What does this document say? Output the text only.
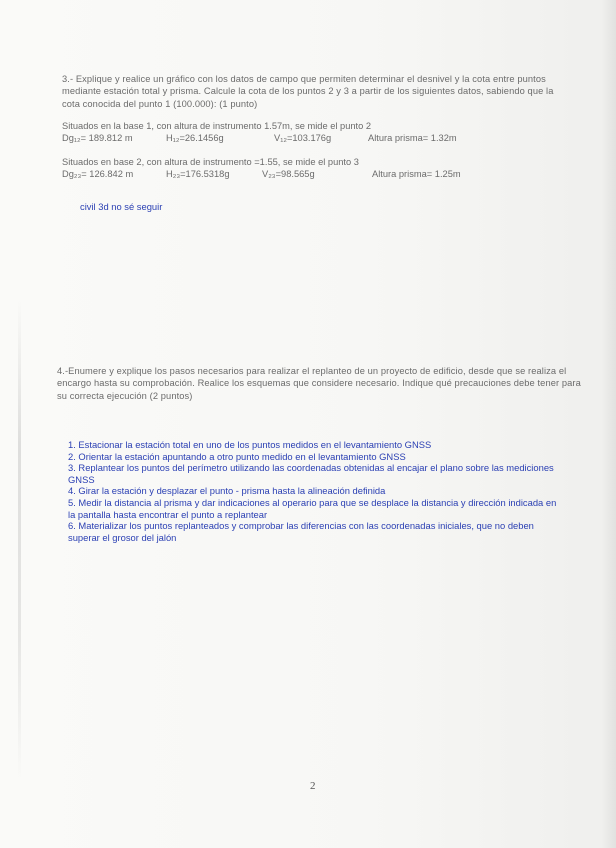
3.- Explique y realice un gráfico con los datos de campo que permiten determinar el desnivel y la cota entre puntos mediante estación total y prisma. Calcule la cota de los puntos 2 y 3 a partir de los siguientes datos, sabiendo que la cota conocida del punto 1 (100.000): (1 punto)

Situados en la base 1, con altura de instrumento 1.57m, se mide el punto 2
Dg₁₂= 189.812 m	H₁₂=26.1456g	V₁₂=103.176g	Altura prisma= 1.32m
Situados en base 2, con altura de instrumento =1.55, se mide el punto 3
Dg₂₃= 126.842 m	H₂₃=176.5318g	V₂₃=98.565g	Altura prisma= 1.25m

civil 3d no sé seguir

4.-Enumere y explique los pasos necesarios para realizar el replanteo de un proyecto de edificio, desde que se realiza el encargo hasta su comprobación. Realice los esquemas que considere necesario. Indique qué precauciones debe tener para su correcta ejecución (2 puntos)

1. Estacionar la estación total en uno de los puntos medidos en el levantamiento GNSS
2. Orientar la estación apuntando a otro punto medido en el levantamiento GNSS
3. Replantear los puntos del perímetro utilizando las coordenadas obtenidas al encajar el plano sobre las mediciones GNSS
4. Girar la estación y desplazar el punto - prisma hasta la alineación definida
5. Medir la distancia al prisma y dar indicaciones al operario para que se desplace la distancia y dirección indicada en la pantalla hasta encontrar el punto a replantear
6. Materializar los puntos replanteados y comprobar las diferencias con las coordenadas iniciales, que no deben superar el grosor del jalón
2
